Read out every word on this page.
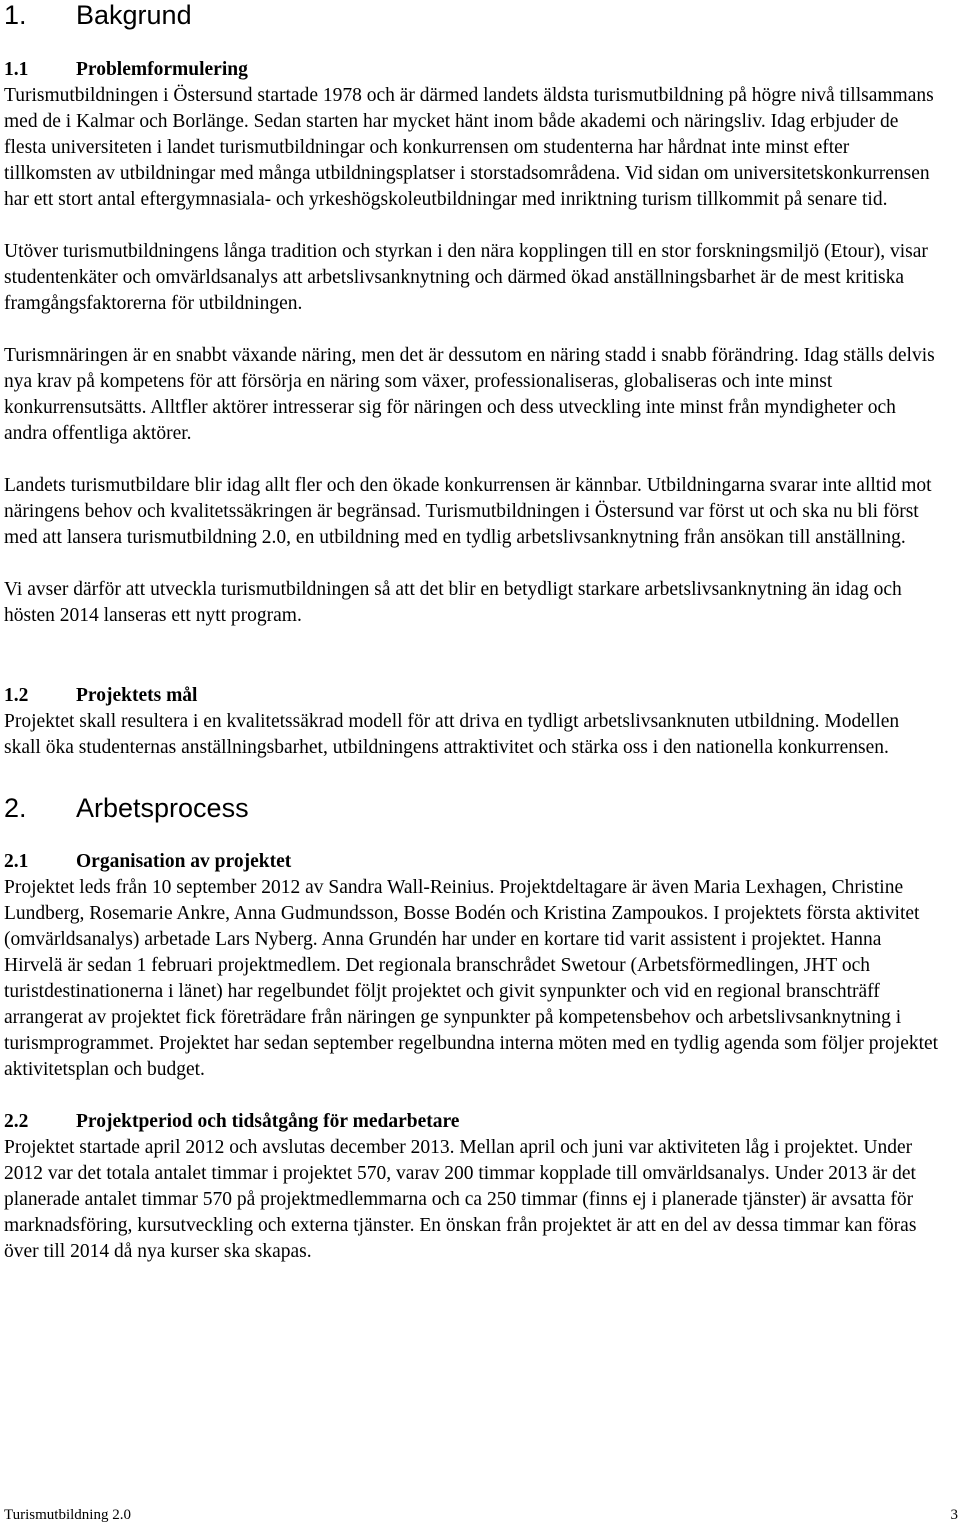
1. Bakgrund
1.1 Problemformulering

Turismutbildningen i Östersund startade 1978 och är därmed landets äldsta turismutbildning på högre nivå tillsammans med de i Kalmar och Borlänge. Sedan starten har mycket hänt inom både akademi och näringsliv. Idag erbjuder de flesta universiteten i landet turismutbildningar och konkurrensen om studenterna har hårdnat inte minst efter tillkomsten av utbildningar med många utbildningsplatser i storstadsområdena. Vid sidan om universitetskonkurrensen har ett stort antal eftergymnasiala- och yrkeshögskoleutbildningar med inriktning turism tillkommit på senare tid.

Utöver turismutbildningens långa tradition och styrkan i den nära kopplingen till en stor forskningsmiljö (Etour), visar studentenkäter och omvärldsanalys att arbetslivsanknytning och därmed ökad anställningsbarhet är de mest kritiska framgångsfaktorerna för utbildningen.

Turismnäringen är en snabbt växande näring, men det är dessutom en näring stadd i snabb förändring. Idag ställs delvis nya krav på kompetens för att försörja en näring som växer, professionaliseras, globaliseras och inte minst konkurrensutsätts. Alltfler aktörer intresserar sig för näringen och dess utveckling inte minst från myndigheter och andra offentliga aktörer.

Landets turismutbildare blir idag allt fler och den ökade konkurrensen är kännbar. Utbildningarna svarar inte alltid mot näringens behov och kvalitetssäkringen är begränsad. Turismutbildningen i Östersund var först ut och ska nu bli först med att lansera turismutbildning 2.0, en utbildning med en tydlig arbetslivsanknytning från ansökan till anställning.

Vi avser därför att utveckla turismutbildningen så att det blir en betydligt starkare arbetslivsanknytning än idag och hösten 2014 lanseras ett nytt program.

1.2 Projektets mål

Projektet skall resultera i en kvalitetssäkrad modell för att driva en tydligt arbetslivsanknuten utbildning. Modellen skall öka studenternas anställningsbarhet, utbildningens attraktivitet och stärka oss i den nationella konkurrensen.

2. Arbetsprocess
2.1 Organisation av projektet

Projektet leds från 10 september 2012 av Sandra Wall-Reinius. Projektdeltagare är även Maria Lexhagen, Christine Lundberg, Rosemarie Ankre, Anna Gudmundsson, Bosse Bodén och Kristina Zampoukos. I projektets första aktivitet (omvärldsanalys) arbetade Lars Nyberg. Anna Grundén har under en kortare tid varit assistent i projektet. Hanna Hirvelä är sedan 1 februari projektmedlem. Det regionala branschrådet Swetour (Arbetsförmedlingen, JHT och turistdestinationerna i länet) har regelbundet följt projektet och givit synpunkter och vid en regional branschträff arrangerat av projektet fick företrädare från näringen ge synpunkter på kompetensbehov och arbetslivsanknytning i turismprogrammet. Projektet har sedan september regelbundna interna möten med en tydlig agenda som följer projektet aktivitetsplan och budget.

2.2 Projektperiod och tidsåtgång för medarbetare

Projektet startade april 2012 och avslutas december 2013. Mellan april och juni var aktiviteten låg i projektet. Under 2012 var det totala antalet timmar i projektet 570, varav 200 timmar kopplade till omvärldsanalys. Under 2013 är det planerade antalet timmar 570 på projektmedlemmarna och ca 250 timmar (finns ej i planerade tjänster) är avsatta för marknadsföring, kursutveckling och externa tjänster. En önskan från projektet är att en del av dessa timmar kan föras över till 2014 då nya kurser ska skapas.

Turismutbildning 2.0	3
